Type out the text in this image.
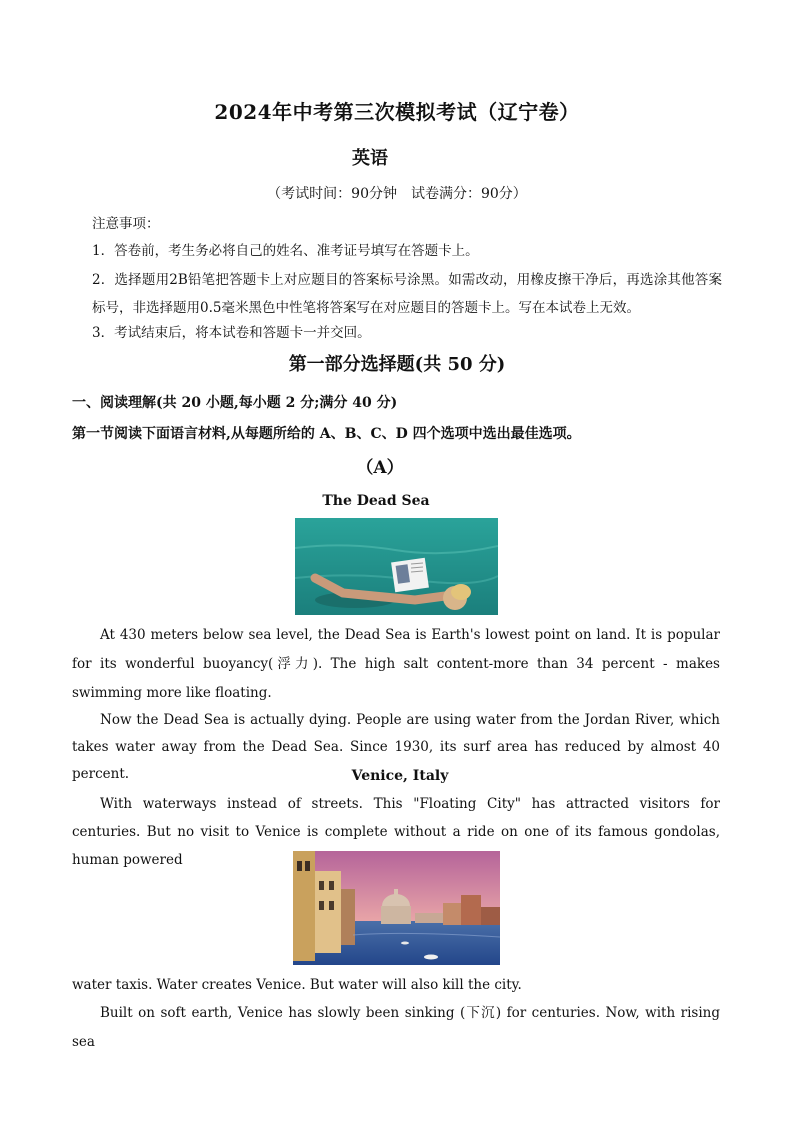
2024年中考第三次模拟考试（辽宁卷）
英语
（考试时间：90分钟　试卷满分：90分）
注意事项：
1．答卷前，考生务必将自己的姓名、准考证号填写在答题卡上。
2．选择题用2B铅笔把答题卡上对应题目的答案标号涂黑。如需改动，用橡皮擦干净后，再选涂其他答案标号，非选择题用0.5毫米黑色中性笔将答案写在对应题目的答题卡上。写在本试卷上无效。
3．考试结束后，将本试卷和答题卡一并交回。
第一部分选择题(共 50 分)
一、阅读理解(共 20 小题,每小题 2 分;满分 40 分)
第一节阅读下面语言材料,从每题所给的 A、B、C、D 四个选项中选出最佳选项。
（A）
The Dead Sea
At 430 meters below sea level, the Dead Sea is Earth's lowest point on land. It is popular for its wonderful buoyancy(浮力). The high salt content-more than 34 percent - makes swimming more like floating.
Now the Dead Sea is actually dying. People are using water from the Jordan River, which takes water away from the Dead Sea. Since 1930, its surf area has reduced by almost 40 percent.	Venice, Italy
With waterways instead of streets. This "Floating City" has attracted visitors for centuries. But no visit to Venice is complete without a ride on one of its famous gondolas, human powered
water taxis. Water creates Venice. But water will also kill the city.
Built on soft earth, Venice has slowly been sinking (下沉) for centuries. Now, with rising sea
